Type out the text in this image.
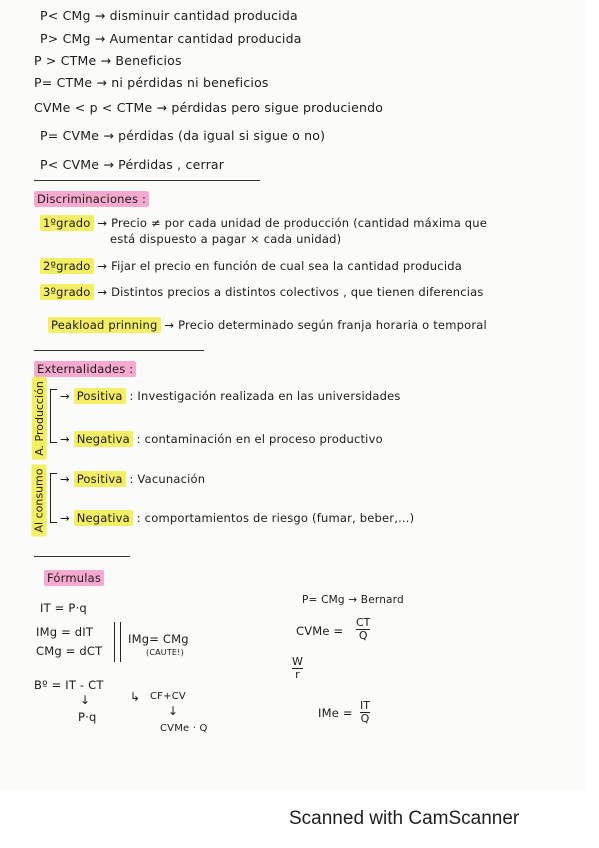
P< CMg → disminuir cantidad producida
P> CMg → Aumentar cantidad producida
P > CTMe → Beneficios
P= CTMe → ni pérdidas ni beneficios
CVMe < p < CTMe → pérdidas pero sigue produciendo
P= CVMe → pérdidas (da igual si sigue o no)
P< CVMe → Pérdidas , cerrar
Discriminaciones :
1ºgrado → Precio ≠ por cada unidad de producción (cantidad máxima que
está dispuesto a pagar × cada unidad)
2ºgrado → Fijar el precio en función de cual sea la cantidad producida
3ºgrado → Distintos precios a distintos colectivos , que tienen diferencias
Peakload prinning → Precio determinado según franja horaria o temporal
Externalidades :
A. Producción → Positiva : Investigación realizada en las universidades
→ Negativa : contaminación en el proceso productivo
Al consumo → Positiva : Vacunación
→ Negativa : comportamientos de riesgo (fumar, beber,...)
Fórmulas
IT = P·q
IMg = dIT
CMg = dCT
IMg= CMg
(CAUTE!)
Bº = IT - CT
↓
P·q
↳ CF+CV
↓
CVMe · Q
P= CMg → Bernard
CVMe =
CT
Q
W
r
IMe =
IT
Q
Scanned with CamScanner
